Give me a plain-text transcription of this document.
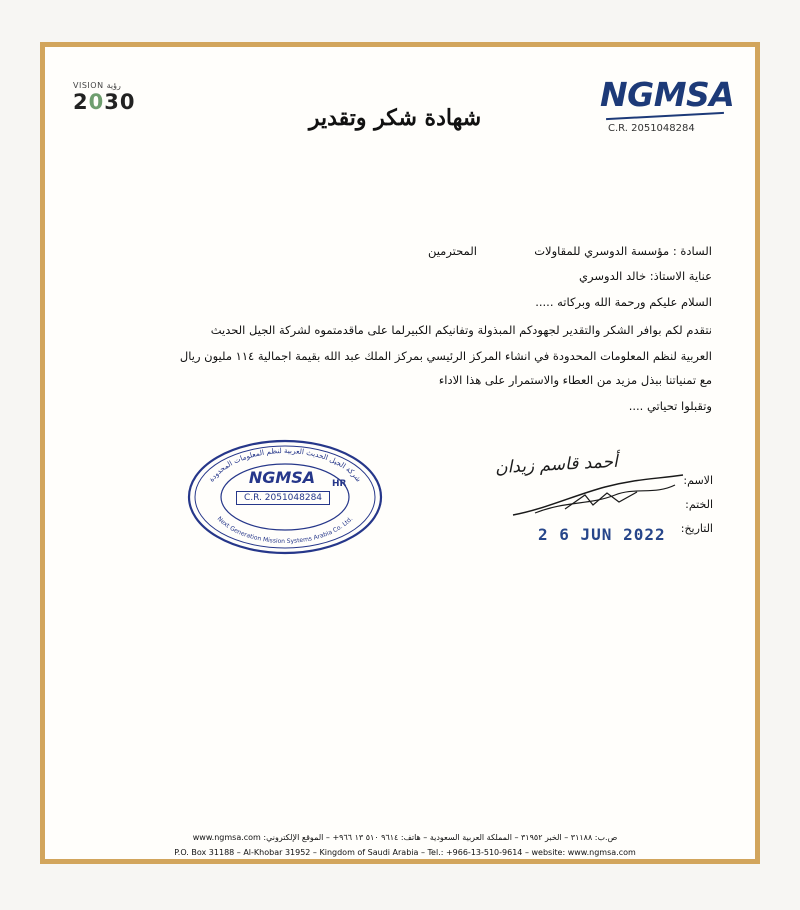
VISION رؤية
2030
شهادة شكر وتقدير
NGMSA
C.R. 2051048284
السادة : مؤسسة الدوسري للمقاولات  المحترمين
عناية الاستاذ: خالد الدوسري
السلام عليكم ورحمة الله وبركاته .....
نتقدم لكم بوافر الشكر والتقدير لجهودكم المبذولة وتفانيكم الكبيرلما على ماقدمتموه لشركة الجيل الحديث
العربية لنظم المعلومات المحدودة في انشاء المركز الرئيسي بمركز الملك عبد الله بقيمة اجمالية ١١٤ مليون ريال
مع تمنياتنا ببذل مزيد من العطاء والاستمرار على هذا الاداء
وتقبلوا تحياتي ....
الاسم:
الختم:
التاريخ:
أحمد قاسم زيدان
2 6 JUN 2022
شركة الجيل الحديث العربية لنظم المعلومات المحدودة
Next Generation Mission Systems Arabia Co. Ltd.
NGMSA
C.R. 2051048284
HR
ص.ب: ٣١١٨٨ – الخبر ٣١٩٥٢ – المملكة العربية السعودية – هاتف: ٩٦١٤ ٥١٠ ١٣ ٩٦٦+ – الموقع الإلكتروني: www.ngmsa.com
P.O. Box 31188 – Al-Khobar 31952 – Kingdom of Saudi Arabia – Tel.: +966-13-510-9614 – website: www.ngmsa.com
